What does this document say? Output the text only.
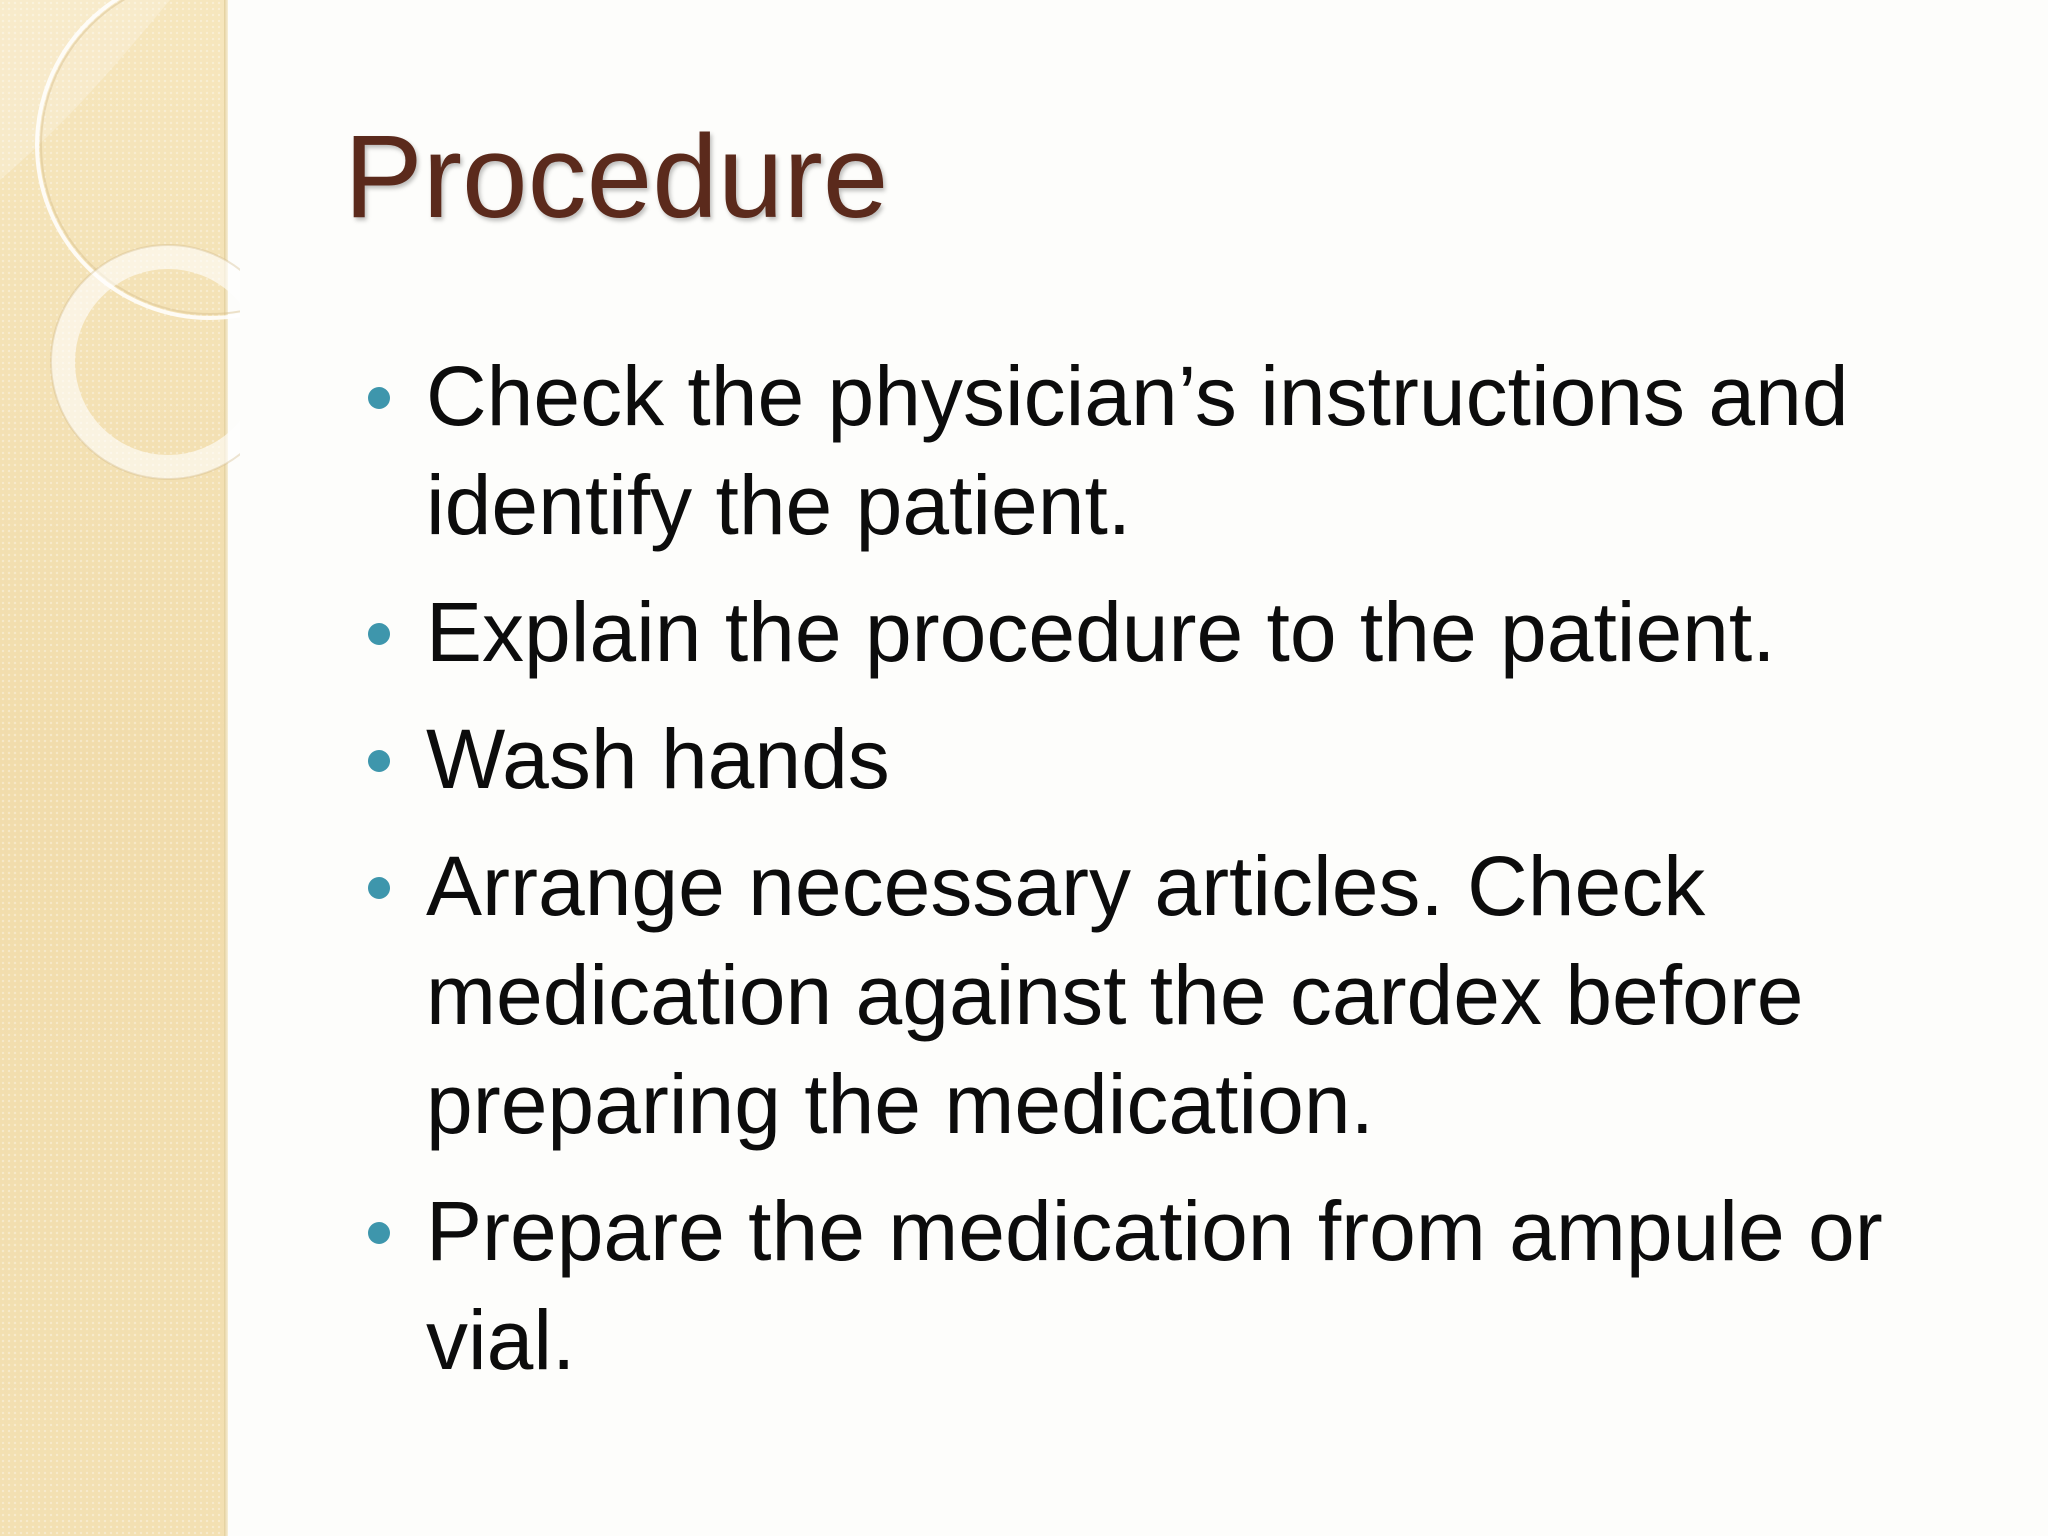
Procedure
Check the physician’s instructions and identify the patient.
Explain the procedure to the patient.
Wash hands
Arrange necessary articles. Check medication against the cardex before preparing the medication.
Prepare the medication from ampule or vial.
